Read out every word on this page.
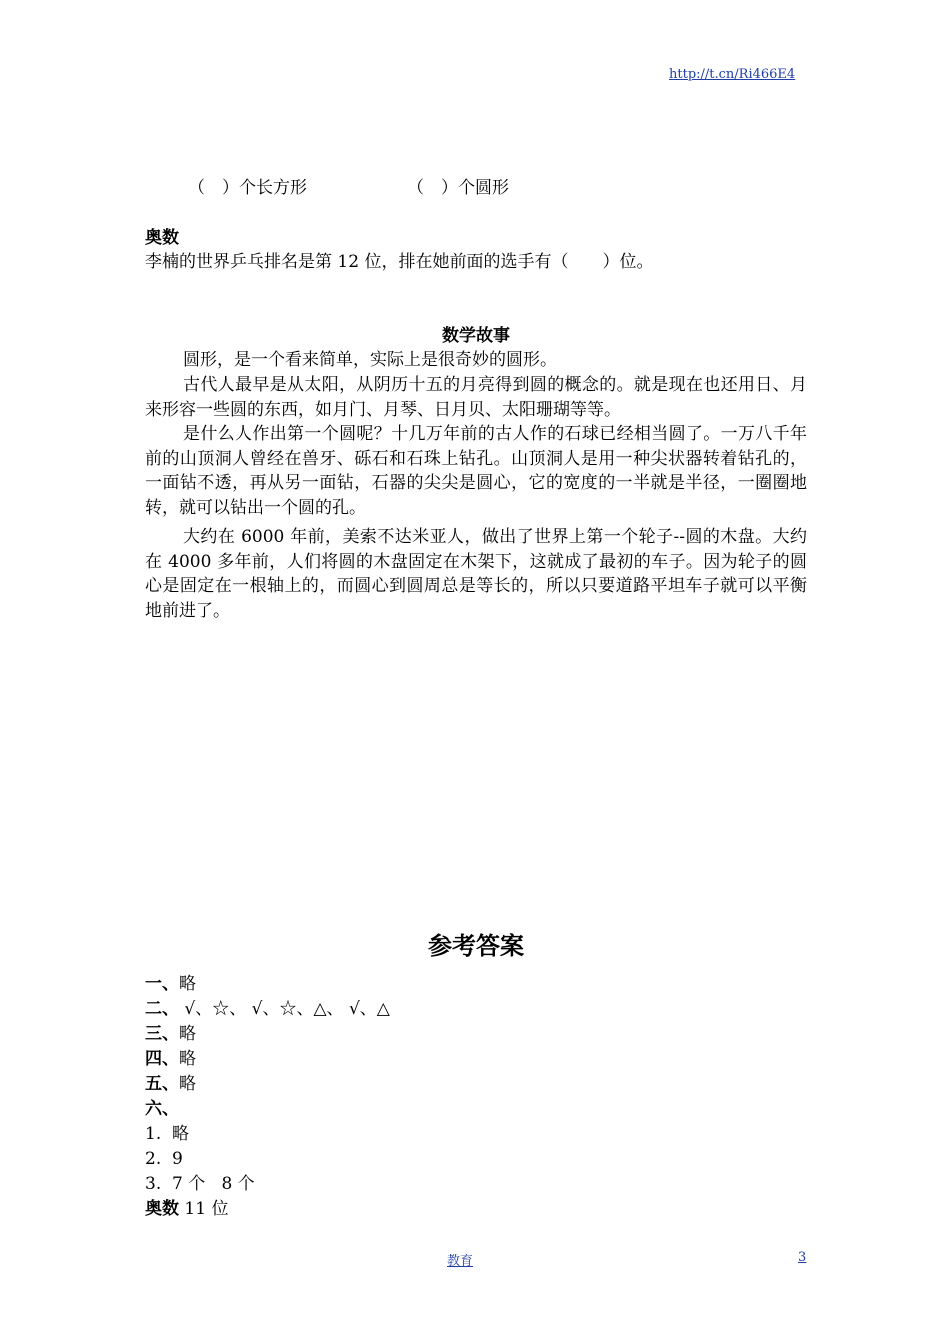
http://t.cn/Ri466E4
（　）个长方形	（　）个圆形
奥数
李楠的世界乒乓排名是第 12 位，排在她前面的选手有（　　）位。
数学故事

圆形，是一个看来简单，实际上是很奇妙的圆形。

古代人最早是从太阳，从阴历十五的月亮得到圆的概念的。就是现在也还用日、月来形容一些圆的东西，如月门、月琴、日月贝、太阳珊瑚等等。

是什么人作出第一个圆呢？十几万年前的古人作的石球已经相当圆了。一万八千年前的山顶洞人曾经在兽牙、砾石和石珠上钻孔。山顶洞人是用一种尖状器转着钻孔的，一面钻不透，再从另一面钻，石器的尖尖是圆心，它的宽度的一半就是半径，一圈圈地转，就可以钻出一个圆的孔。

大约在 6000 年前，美索不达米亚人，做出了世界上第一个轮子--圆的木盘。大约在 4000 多年前，人们将圆的木盘固定在木架下，这就成了最初的车子。因为轮子的圆心是固定在一根轴上的，而圆心到圆周总是等长的，所以只要道路平坦车子就可以平衡地前进了。

参考答案
一、略
二、 √、☆、 √、☆、△、 √、△
三、略
四、略
五、略
六、
1.  略
2.  9
3.  7 个   8 个
奥数 11 位
教育	3
